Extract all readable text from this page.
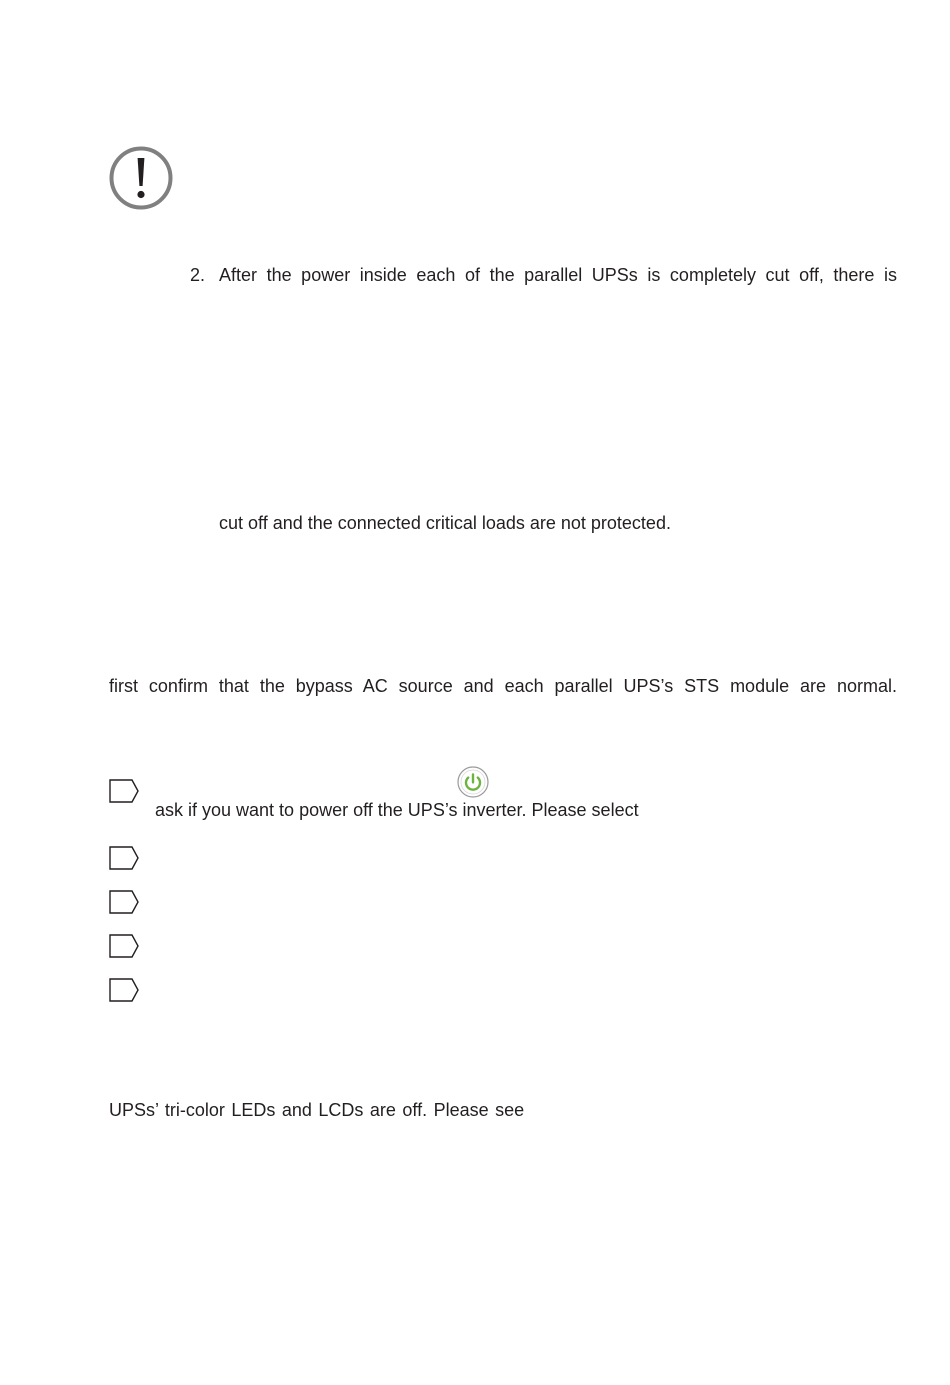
2. After the power inside each of the parallel UPSs is completely cut off, there is
cut off and the connected critical loads are not protected.
first confirm that the bypass AC source and each parallel UPS’s STS module are normal.
ask if you want to power off the UPS’s inverter. Please select
UPSs’ tri-color LEDs and LCDs are off. Please see
